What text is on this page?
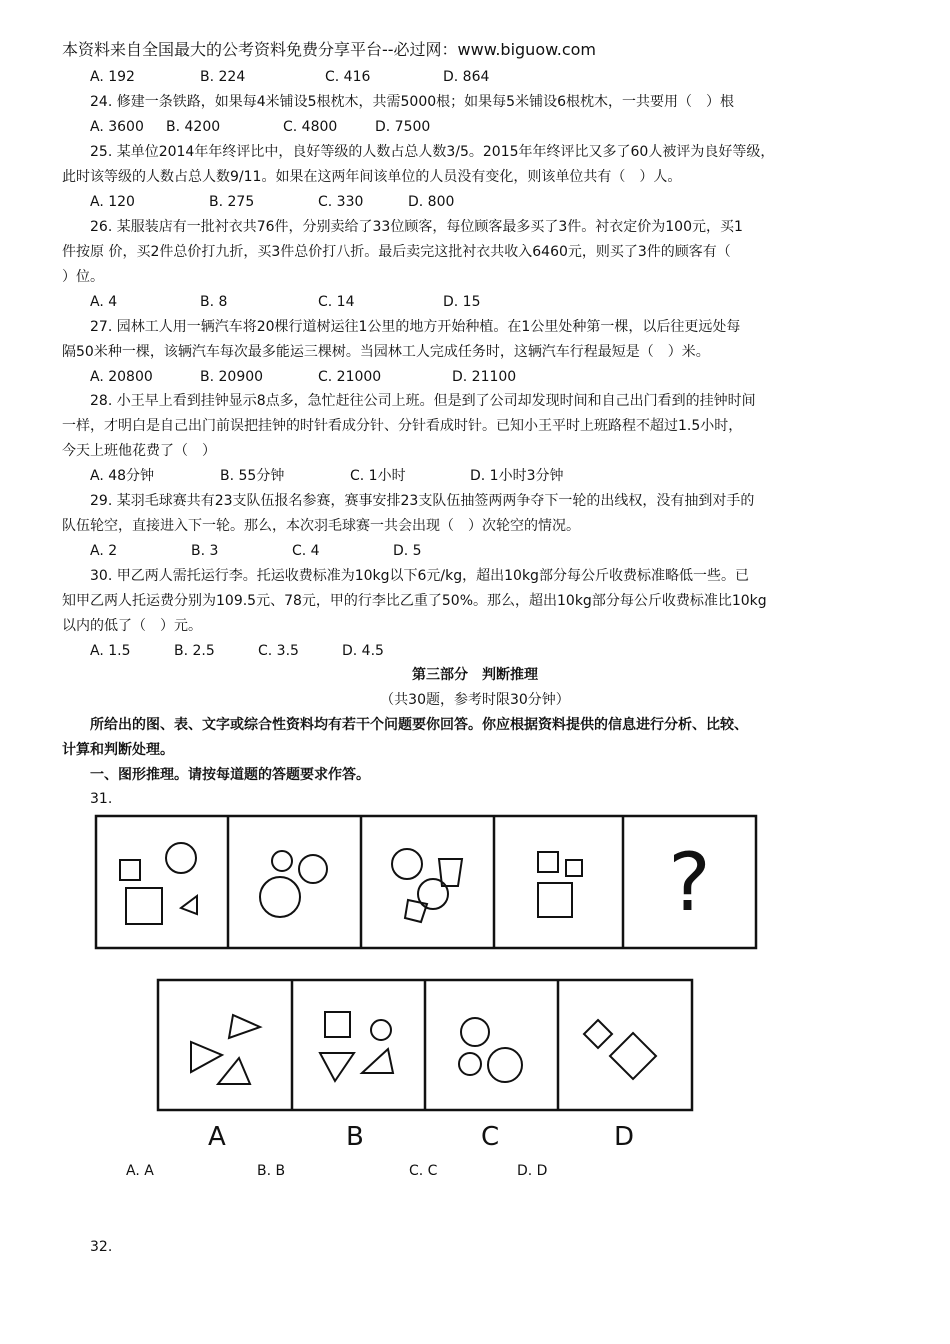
本资料来自全国最大的公考资料免费分享平台--必过网：www.biguow.com
A. 192	B. 224	C. 416	D. 864
24. 修建一条铁路，如果每4米铺设5根枕木，共需5000根；如果每5米铺设6根枕木，一共要用（　）根
A. 3600 B. 4200	C. 4800	D. 7500
25. 某单位2014年年终评比中，良好等级的人数占总人数3/5。2015年年终评比又多了60人被评为良好等级，
此时该等级的人数占总人数9/11。如果在这两年间该单位的人员没有变化，则该单位共有（　）人。
A. 120	B. 275	C. 330	D. 800
26. 某服装店有一批衬衣共76件，分别卖给了33位顾客，每位顾客最多买了3件。衬衣定价为100元，买1
件按原 价，买2件总价打九折，买3件总价打八折。最后卖完这批衬衣共收入6460元，则买了3件的顾客有（
）位。
A. 4	B. 8	C. 14	D. 15
27. 园林工人用一辆汽车将20棵行道树运往1公里的地方开始种植。在1公里处种第一棵，以后往更远处每
隔50米种一棵，该辆汽车每次最多能运三棵树。当园林工人完成任务时，这辆汽车行程最短是（　）米。
A. 20800	B. 20900	C. 21000	D. 21100
28. 小王早上看到挂钟显示8点多，急忙赶往公司上班。但是到了公司却发现时间和自己出门看到的挂钟时间
一样，才明白是自己出门前误把挂钟的时针看成分针、分针看成时针。已知小王平时上班路程不超过1.5小时，
今天上班他花费了（　）
A. 48分钟	B. 55分钟	C. 1小时	D. 1小时3分钟
29. 某羽毛球赛共有23支队伍报名参赛，赛事安排23支队伍抽签两两争夺下一轮的出线权，没有抽到对手的
队伍轮空，直接进入下一轮。那么，本次羽毛球赛一共会出现（　）次轮空的情况。
A. 2	B. 3	C. 4	D. 5
30. 甲乙两人需托运行李。托运收费标准为10kg以下6元/kg，超出10kg部分每公斤收费标准略低一些。已
知甲乙两人托运费分别为109.5元、78元，甲的行李比乙重了50%。那么，超出10kg部分每公斤收费标准比10kg
以内的低了（　）元。
A. 1.5	B. 2.5	C. 3.5	D. 4.5
第三部分　判断推理
（共30题，参考时限30分钟）
所给出的图、表、文字或综合性资料均有若干个问题要你回答。你应根据资料提供的信息进行分析、比较、
计算和判断处理。
一、图形推理。请按每道题的答题要求作答。
31.
?
A	B	C	D
A. A	B. B	C. C	D. D
32.
